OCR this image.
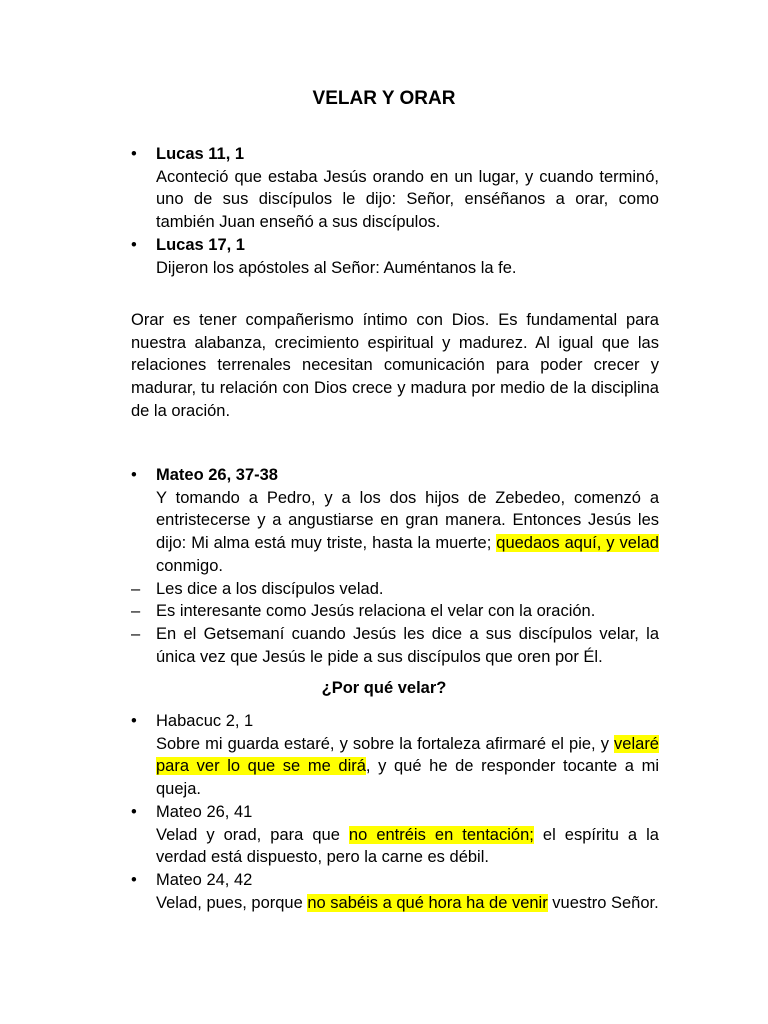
VELAR Y ORAR
•	Lucas 11, 1
Aconteció que estaba Jesús orando en un lugar, y cuando terminó, uno de sus discípulos le dijo: Señor, enséñanos a orar, como también Juan enseñó a sus discípulos.
•	Lucas 17, 1
Dijeron los apóstoles al Señor: Auméntanos la fe.
Orar es tener compañerismo íntimo con Dios. Es fundamental para nuestra alabanza, crecimiento espiritual y madurez. Al igual que las relaciones terrenales necesitan comunicación para poder crecer y madurar, tu relación con Dios crece y madura por medio de la disciplina de la oración.
•	Mateo 26, 37-38
Y tomando a Pedro, y a los dos hijos de Zebedeo, comenzó a entristecerse y a angustiarse en gran manera. Entonces Jesús les dijo: Mi alma está muy triste, hasta la muerte; quedaos aquí, y velad conmigo.
– Les dice a los discípulos velad.
– Es interesante como Jesús relaciona el velar con la oración.
– En el Getsemaní cuando Jesús les dice a sus discípulos velar, la única vez que Jesús le pide a sus discípulos que oren por Él.
¿Por qué velar?
•	Habacuc 2, 1
Sobre mi guarda estaré, y sobre la fortaleza afirmaré el pie, y velaré para ver lo que se me dirá, y qué he de responder tocante a mi queja.
•	Mateo 26, 41
Velad y orad, para que no entréis en tentación; el espíritu a la verdad está dispuesto, pero la carne es débil.
•	Mateo 24, 42
Velad, pues, porque no sabéis a qué hora ha de venir vuestro Señor.
